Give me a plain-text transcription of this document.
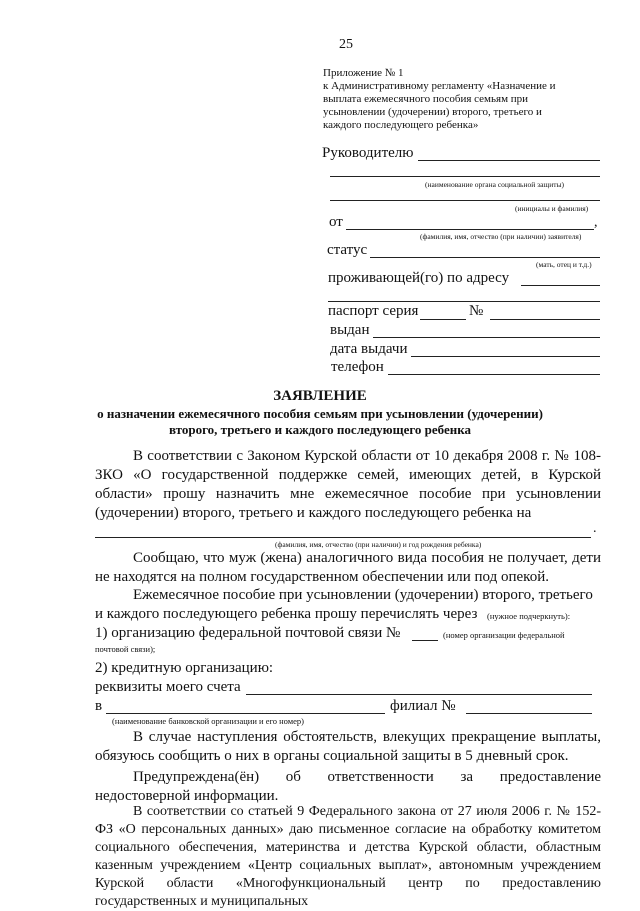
25
Приложение № 1
к Административному регламенту «Назначение и
выплата ежемесячного пособия семьям при
усыновлении (удочерении) второго, третьего и
каждого последующего ребенка»
Руководителю
(наименование органа социальной защиты)
(инициалы и фамилия)
от	,
(фамилия, имя, отчество (при наличии) заявителя)
статус
(мать, отец и т.д.)
проживающей(го) по адресу
паспорт серия	№
выдан
дата выдачи
телефон
ЗАЯВЛЕНИЕ
о назначении ежемесячного пособия семьям при усыновлении (удочерении)
второго, третьего и каждого последующего ребенка
В соответствии с Законом Курской области от 10 декабря 2008 г. № 108-ЗКО «О государственной поддержке семей, имеющих детей, в Курской области» прошу назначить мне ежемесячное пособие при усыновлении (удочерении) второго, третьего и каждого последующего ребенка на
.
(фамилия, имя, отчество (при наличии) и год рождения ребенка)
Сообщаю, что муж (жена) аналогичного вида пособия не получает, дети не находятся на полном государственном обеспечении или под опекой.
Ежемесячное пособие при усыновлении (удочерении) второго, третьего
и каждого последующего ребенка прошу перечислять через (нужное подчеркнуть):
1) организацию федеральной почтовой связи №	(номер организации федеральной
почтовой связи);
2) кредитную организацию:
реквизиты моего счета
в	филиал №
(наименование банковской организации и его номер)
В случае наступления обстоятельств, влекущих прекращение выплаты, обязуюсь сообщить о них в органы социальной защиты в 5 дневный срок.
Предупреждена(ён) об ответственности за предоставление недостоверной информации.
В соответствии со статьей 9 Федерального закона от 27 июля 2006 г. № 152-ФЗ «О персональных данных» даю письменное согласие на обработку комитетом социального обеспечения, материнства и детства Курской области, областным казенным учреждением «Центр социальных выплат», автономным учреждением Курской области «Многофункциональный центр по предоставлению государственных и муниципальных
